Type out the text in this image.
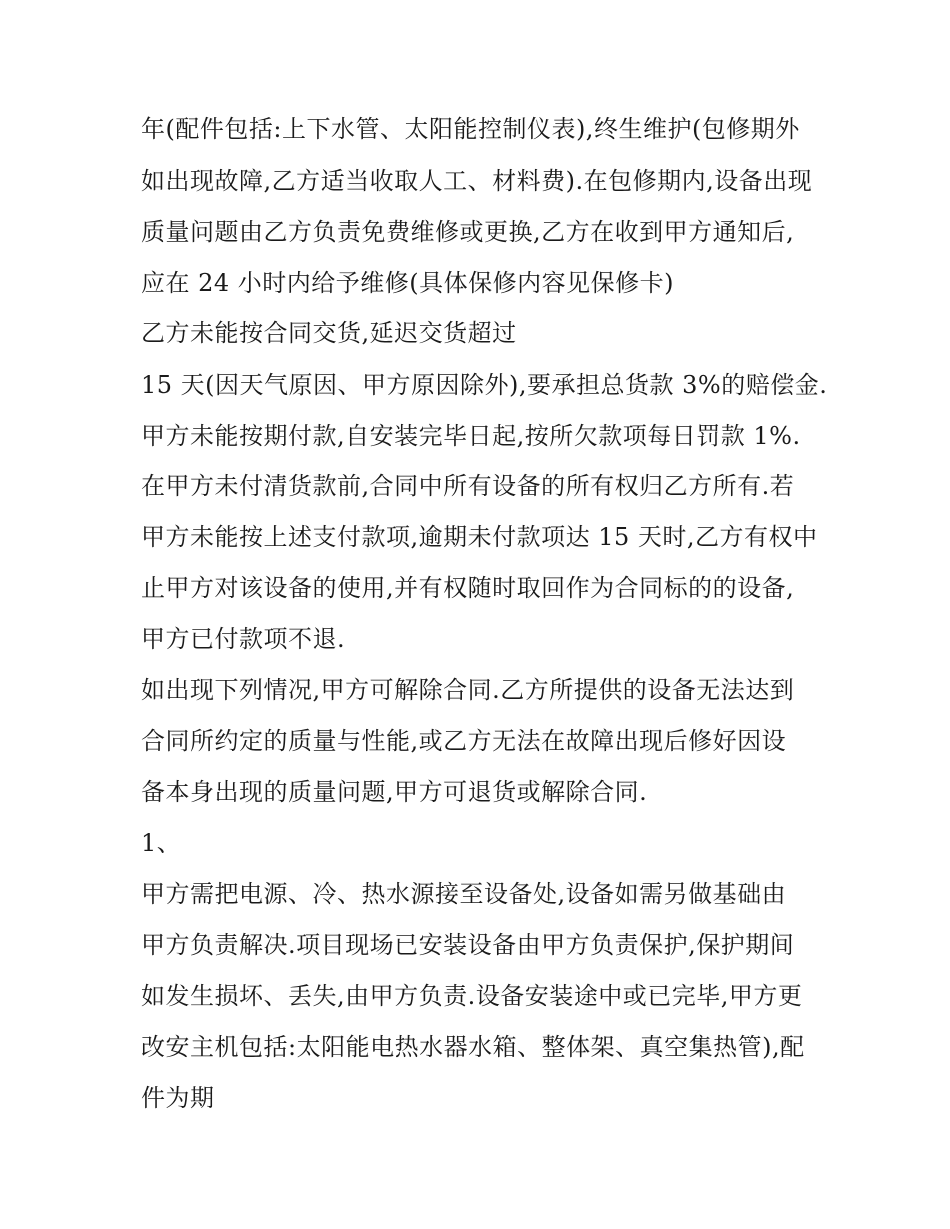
年(配件包括:上下水管、太阳能控制仪表),终生维护(包修期外
如出现故障,乙方适当收取人工、材料费).在包修期内,设备出现
质量问题由乙方负责免费维修或更换,乙方在收到甲方通知后,
应在 24 小时内给予维修(具体保修内容见保修卡)
乙方未能按合同交货,延迟交货超过
15 天(因天气原因、甲方原因除外),要承担总货款 3%的赔偿金.
甲方未能按期付款,自安装完毕日起,按所欠款项每日罚款 1%.
在甲方未付清货款前,合同中所有设备的所有权归乙方所有.若
甲方未能按上述支付款项,逾期未付款项达 15 天时,乙方有权中
止甲方对该设备的使用,并有权随时取回作为合同标的的设备,
甲方已付款项不退.
如出现下列情况,甲方可解除合同.乙方所提供的设备无法达到
合同所约定的质量与性能,或乙方无法在故障出现后修好因设
备本身出现的质量问题,甲方可退货或解除合同.
1、
甲方需把电源、冷、热水源接至设备处,设备如需另做基础由
甲方负责解决.项目现场已安装设备由甲方负责保护,保护期间
如发生损坏、丢失,由甲方负责.设备安装途中或已完毕,甲方更
改安主机包括:太阳能电热水器水箱、整体架、真空集热管),配
件为期
